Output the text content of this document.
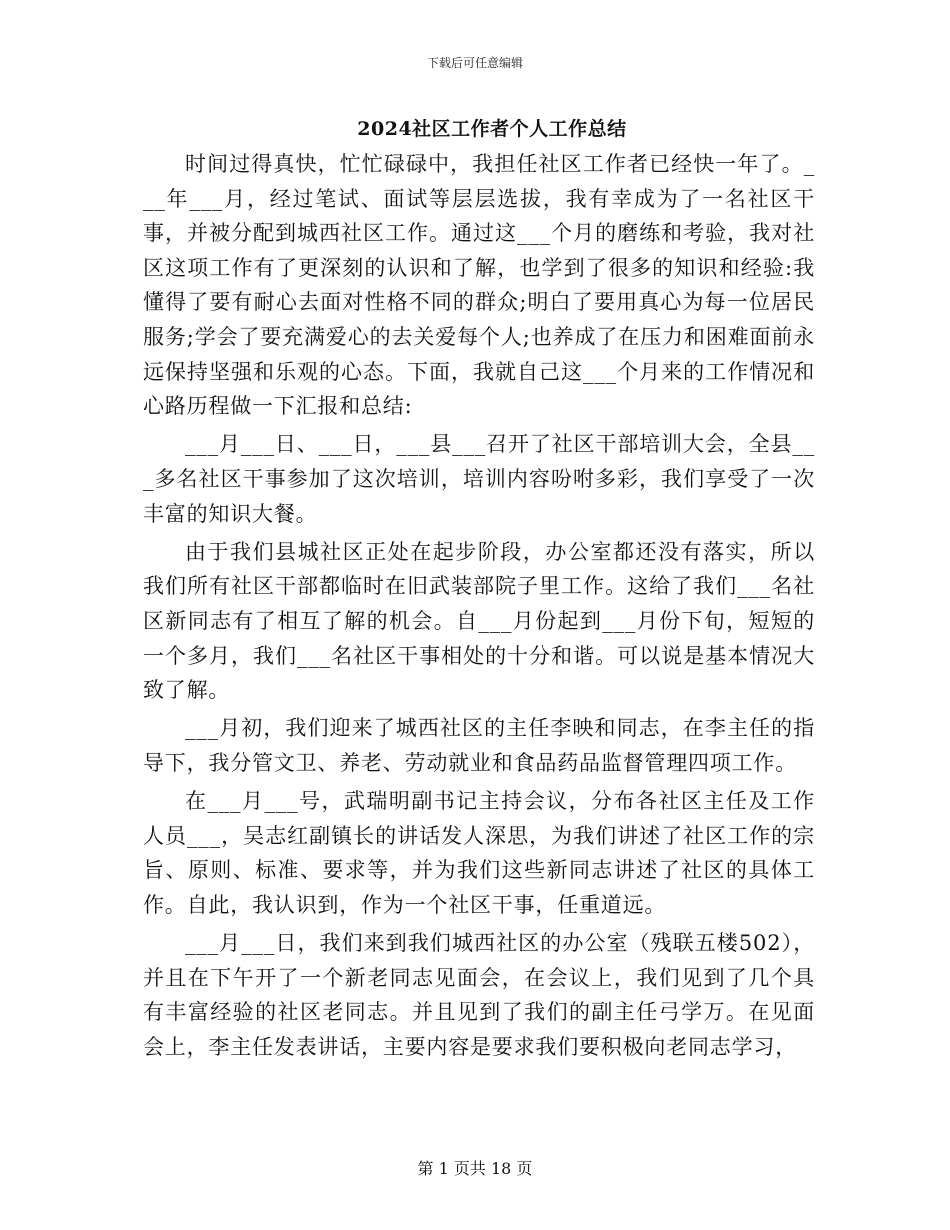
下载后可任意编辑
2024社区工作者个人工作总结

时间过得真快，忙忙碌碌中，我担任社区工作者已经快一年了。___年___月，经过笔试、面试等层层选拔，我有幸成为了一名社区干事，并被分配到城西社区工作。通过这___个月的磨练和考验，我对社区这项工作有了更深刻的认识和了解，也学到了很多的知识和经验:我懂得了要有耐心去面对性格不同的群众;明白了要用真心为每一位居民服务;学会了要充满爱心的去关爱每个人;也养成了在压力和困难面前永远保持坚强和乐观的心态。下面，我就自己这___个月来的工作情况和心路历程做一下汇报和总结:

___月___日、___日，___县___召开了社区干部培训大会，全县___多名社区干事参加了这次培训，培训内容吩咐多彩，我们享受了一次丰富的知识大餐。

由于我们县城社区正处在起步阶段，办公室都还没有落实，所以我们所有社区干部都临时在旧武装部院子里工作。这给了我们___名社区新同志有了相互了解的机会。自___月份起到___月份下旬，短短的一个多月，我们___名社区干事相处的十分和谐。可以说是基本情况大致了解。

___月初，我们迎来了城西社区的主任李映和同志，在李主任的指导下，我分管文卫、养老、劳动就业和食品药品监督管理四项工作。

在___月___号，武瑞明副书记主持会议，分布各社区主任及工作人员___，吴志红副镇长的讲话发人深思，为我们讲述了社区工作的宗旨、原则、标准、要求等，并为我们这些新同志讲述了社区的具体工作。自此，我认识到，作为一个社区干事，任重道远。

___月___日，我们来到我们城西社区的办公室（残联五楼502），并且在下午开了一个新老同志见面会，在会议上，我们见到了几个具有丰富经验的社区老同志。并且见到了我们的副主任弓学万。在见面会上，李主任发表讲话，主要内容是要求我们要积极向老同志学习，

第 1 页共 18 页
